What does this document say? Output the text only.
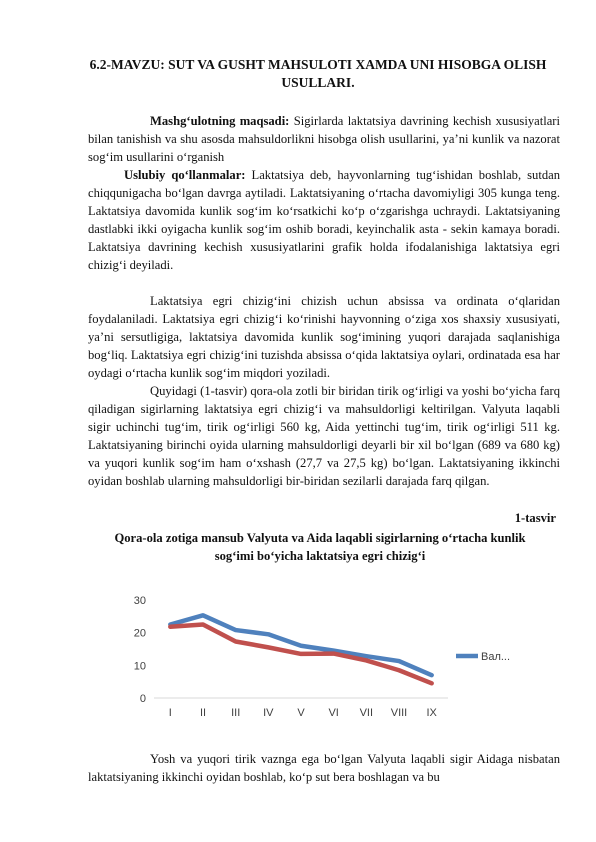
6.2-MAVZU: SUT VA GUSHT MAHSULOTI XAMDA UNI HISOBGA OLISH USULLARI.

Mashg‘ulotning maqsadi: Sigirlarda laktatsiya davrining kechish xususiyatlari bilan tanishish va shu asosda mahsuldorlikni hisobga olish usullarini, ya’ni kunlik va nazorat sog‘im usullarini o‘rganish

Uslubiy qo‘llanmalar: Laktatsiya deb, hayvonlarning tug‘ishidan boshlab, sutdan chiqqunigacha bo‘lgan davrga aytiladi. Laktatsiyaning o‘rtacha davomiyligi 305 kunga teng. Laktatsiya davomida kunlik sog‘im ko‘rsatkichi ko‘p o‘zgarishga uchraydi. Laktatsiyaning dastlabki ikki oyigacha kunlik sog‘im oshib boradi, keyinchalik asta - sekin kamaya boradi. Laktatsiya davrining kechish xususiyatlarini grafik holda ifodalanishiga laktatsiya egri chizig‘i deyiladi.

Laktatsiya egri chizig‘ini chizish uchun absissa va ordinata o‘qlaridan foydalaniladi. Laktatsiya egri chizig‘i ko‘rinishi hayvonning o‘ziga xos shaxsiy xususiyati, ya’ni sersutligiga, laktatsiya davomida kunlik sog‘imining yuqori darajada saqlanishiga bog‘liq. Laktatsiya egri chizig‘ini tuzishda absissa o‘qida laktatsiya oylari, ordinatada esa har oydagi o‘rtacha kunlik sog‘im miqdori yoziladi.

Quyidagi (1-tasvir) qora-ola zotli bir biridan tirik og‘irligi va yoshi bo‘yicha farq qiladigan sigirlarning laktatsiya egri chizig‘i va mahsuldorligi keltirilgan. Valyuta laqabli sigir uchinchi tug‘im, tirik og‘irligi 560 kg, Aida yettinchi tug‘im, tirik og‘irligi 511 kg. Laktatsiyaning birinchi oyida ularning mahsuldorligi deyarli bir xil bo‘lgan (689 va 680 kg) va yuqori kunlik sog‘im ham o‘xshash (27,7 va 27,5 kg) bo‘lgan. Laktatsiyaning ikkinchi oyidan boshlab ularning mahsuldorligi bir-biridan sezilarli darajada farq qilgan.

1-tasvir
Qora-ola zotiga mansub Valyuta va Aida laqabli sigirlarning o‘rtacha kunlik sog‘imi bo‘yicha laktatsiya egri chizig‘i
0
10
20
30
I	II III IV V VI VII VIII IX
Вал...

Yosh va yuqori tirik vaznga ega bo‘lgan Valyuta laqabli sigir Aidaga nisbatan laktatsiyaning ikkinchi oyidan boshlab, ko‘p sut bera boshlagan va bu
